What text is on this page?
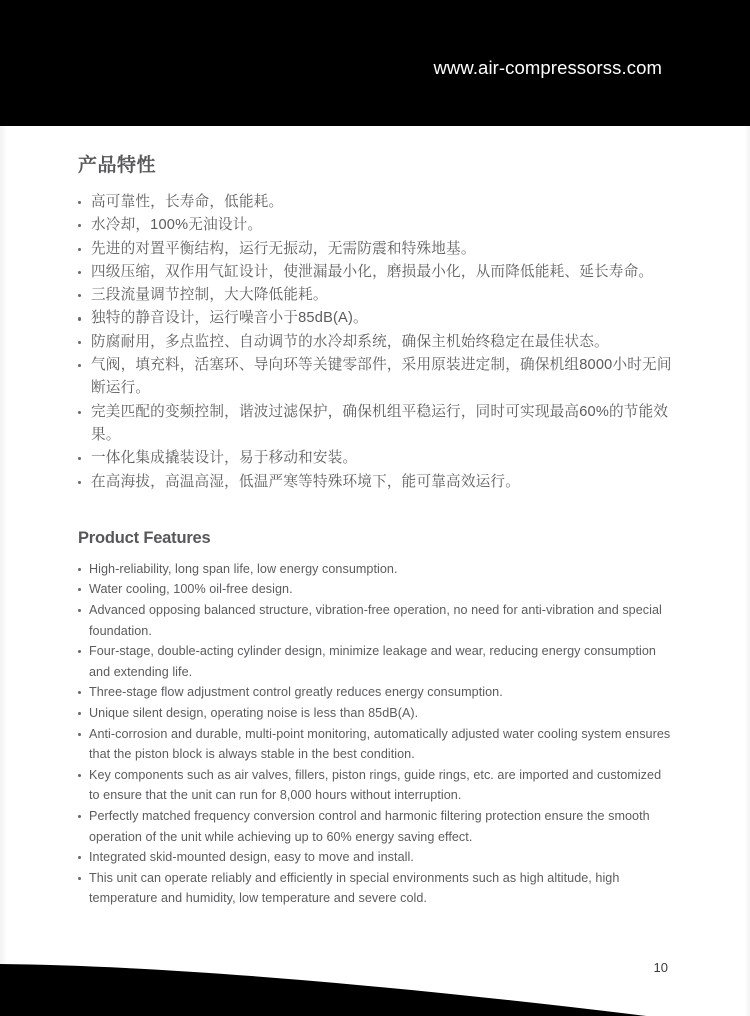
www.air-compressorss.com
产品特性
高可靠性，长寿命，低能耗。
水冷却，100%无油设计。
先进的对置平衡结构，运行无振动，无需防震和特殊地基。
四级压缩，双作用气缸设计，使泄漏最小化，磨损最小化，从而降低能耗、延长寿命。
三段流量调节控制，大大降低能耗。
独特的静音设计，运行噪音小于85dB(A)。
防腐耐用，多点监控、自动调节的水冷却系统，确保主机始终稳定在最佳状态。
气阀，填充料，活塞环、导向环等关键零部件，采用原装进定制，确保机组8000小时无间断运行。
完美匹配的变频控制，谐波过滤保护，确保机组平稳运行，同时可实现最高60%的节能效果。
一体化集成撬装设计，易于移动和安装。
在高海拔，高温高湿，低温严寒等特殊环境下，能可靠高效运行。
Product Features
High-reliability, long span life, low energy consumption.
Water cooling, 100% oil-free design.
Advanced opposing balanced structure, vibration-free operation, no need for anti-vibration and special foundation.
Four-stage, double-acting cylinder design, minimize leakage and wear, reducing energy consumption and extending life.
Three-stage flow adjustment control greatly reduces energy consumption.
Unique silent design, operating noise is less than 85dB(A).
Anti-corrosion and durable, multi-point monitoring, automatically adjusted water cooling system ensures that the piston block is always stable in the best condition.
Key components such as air valves, fillers, piston rings, guide rings, etc. are imported and customized to ensure that the unit can run for 8,000 hours without interruption.
Perfectly matched frequency conversion control and harmonic filtering protection ensure the smooth operation of the unit while achieving up to 60% energy saving effect.
Integrated skid-mounted design, easy to move and install.
This unit can operate reliably and efficiently in special environments such as high altitude, high temperature and humidity, low temperature and severe cold.
10
